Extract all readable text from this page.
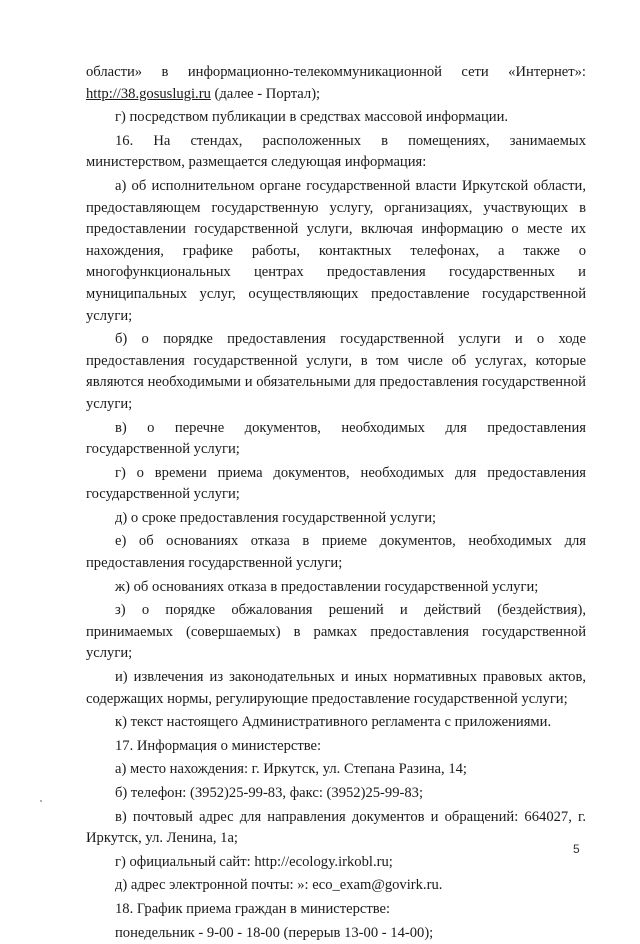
области» в информационно-телекоммуникационной сети «Интернет»: http://38.gosuslugi.ru (далее - Портал);

г) посредством публикации в средствах массовой информации.

16. На стендах, расположенных в помещениях, занимаемых министерством, размещается следующая информация:

а) об исполнительном органе государственной власти Иркутской области, предоставляющем государственную услугу, организациях, участвующих в предоставлении государственной услуги, включая информацию о месте их нахождения, графике работы, контактных телефонах, а также о многофункциональных центрах предоставления государственных и муниципальных услуг, осуществляющих предоставление государственной услуги;

б) о порядке предоставления государственной услуги и о ходе предоставления государственной услуги, в том числе об услугах, которые являются необходимыми и обязательными для предоставления государственной услуги;

в) о перечне документов, необходимых для предоставления государственной услуги;

г) о времени приема документов, необходимых для предоставления государственной услуги;

д) о сроке предоставления государственной услуги;

е) об основаниях отказа в приеме документов, необходимых для предоставления государственной услуги;

ж) об основаниях отказа в предоставлении государственной услуги;

з) о порядке обжалования решений и действий (бездействия), принимаемых (совершаемых) в рамках предоставления государственной услуги;

и) извлечения из законодательных и иных нормативных правовых актов, содержащих нормы, регулирующие предоставление государственной услуги;

к) текст настоящего Административного регламента с приложениями.

17. Информация о министерстве:

а) место нахождения: г. Иркутск, ул. Степана Разина, 14;

б) телефон: (3952)25-99-83, факс: (3952)25-99-83;

в) почтовый адрес для направления документов и обращений: 664027, г. Иркутск, ул. Ленина, 1а;

г) официальный сайт: http://ecology.irkobl.ru;

д) адрес электронной почты: »: eco_exam@govirk.ru.

18. График приема граждан в министерстве:

понедельник - 9-00 - 18-00 (перерыв 13-00 - 14-00);

5
